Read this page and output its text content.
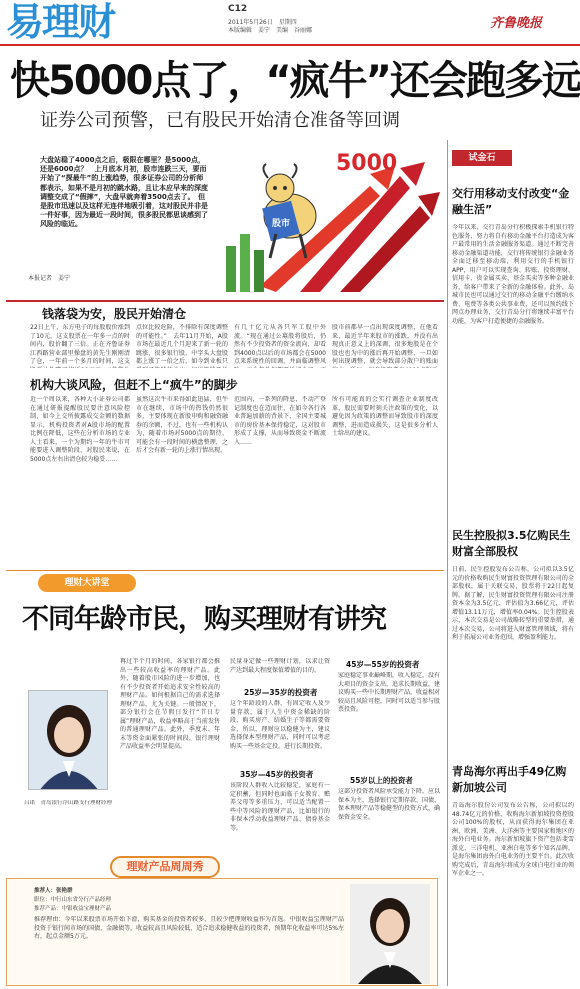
易理财	C12
2011年5月26日　星期四
本版编辑　姜宁　美编　谷丽娜	齐鲁晚报
快5000点了，“疯牛”还会跑多远
证券公司预警，已有股民开始清仓准备等回调
大盘站稳了4000点之后，极限在哪里？是5000点，还是6000点？　上月底本月初，股市连跌三天，要而开始了“探最牛”的上涨趋势，很多证券公司的分析师都表示，如果不是月初的跳水路，且让本应早来的深度调整交成了“假摔”，大盘早就奔着3500点去了。　但是股市迅速以及这样无连伴地吸引着，这对股民并非是一件好事，因为最近一段时间，很多股民都思谈感到了风险的临近。
本报记者　姜宁
股市
5000
钱落袋为安，股民开始清仓
22日上午，东方电子的每股股价涨到了10元，这支股票在一年多一点的时间内，股价翻了三倍。正在齐鲁证券江西路营业部里操盘的黄先生刚刚清了仓，一年前一个多月的时间，这支
点位比较危险，不排除有深度调整的可能性。”　去年11月开始，A股市场在最近几个月迎来了新一轮的跳涨，很多银行股，中字头大盘股都上涨了一倍之后，如今到业板只
有几十亿元从各只军工股中外流。“现在通过公募股将股后，仍然有不少投资者的资金流向，却看到4000点以后的市场都会在5000点来系统性的回调，并面临调整风
股市前都早一点出现深度调整，在他看来，最近半年来股市的涨跌，并没有出现真正意义上的深调，很多地股是在个股也也为中的涨后再开始调整，一旦如何出现调整，就会导致部分散户的账面
机构大谈风险，但赶不上“疯牛”的脚步
近一个周以来，各种大小证券公司都在通过研报提醒股民要注意风险控制，如今上交所披露成交金额的数据显示，机构投资者对A股市场的配置比例在降低，这些在分析市场的专业人士看来，一个为期约一年的牛市可能要进入调整阶段，对股民来说，在5000点左右出清仓较为稳妥……
虽然这次牛市来得如此迅猛，但牛市在继续，市场中的热钱仍然很多，主要体现在新股申购和融资融券的余额，不过，也有一些机构认为，随着市场对5000点的期待，可能会有一段时间的横盘整理，之后才会有新一轮的上涨行情出现。
范围内，一系列的降息，不动产登记制度也在迈而往，在如今各行各业普遍加薪的背景下，全国主要城市的房价基本保持稳定，这对股市形成了支撑，从而导致资金不断流入……
所有可能真的会实行调查企业制度改革，股民需要时刻关注政策的变化，以避免因为政策的调整而导致股市的深度调整，进而造成损失，这是很多分析人士给出的建议。
试金石
交行用移动支付改变“金融生活”
今年以来，交行青岛分行积极探索手机银行特色服务，努力将自有移动金融平台打造成为客户最常用的生活金融服务渠道。通过不断完善移动金融渠道功能，交行将传统银行金融业务全面迁移至移动端，利用交行的手机银行APP，用户可以实现查询、转账、投资理财、信用卡、贵金属买卖、基金买卖等多种金融业务，给客户带来了全新的金融体验。此外，岛城市民也可以通过交行的移动金融平台缴纳水费、电费等各类公共事业费，还可以预约线下网点办理业务，交行青岛分行将继续丰富平台功能，为客户打造便捷的金融服务。
民生控股拟3.5亿购民生财富全部股权
日前，民生控股发布公告称，公司拟以3.5亿元的价格收购民生财富投资管理有限公司的全部股权，属于关联交易，股票将于22日起复牌。据了解，民生财富投资管理有限公司注册资本金为3.5亿元，评估值为3.66亿元，评估增值13.11万元，增值率0.04%。民生控股表示，本次交易是公司战略转型的重要举措，通过本次交易，公司将进入财富管理领域，将有利于拓展公司业务范围，增强盈利能力。
青岛海尔再出手49亿购新加坡公司
青岛海尔股份公司发布公告称，公司拟以约48.74亿元的价格，收购海尔新加坡投资控股公司100%的股权，从而获得海尔集团在亚洲、欧洲、美洲、大洋洲等主要国家和地区的海外白电业务。海尔新加坡旗下资产包括斐雪派克、三洋电机、亚洲白电等多个知名品牌，是海尔集团海外白电业务的主要平台。此次收购完成后，青岛海尔将成为全球白电行业的领军企业之一。
理财大讲堂
不同年龄市民，购买理财有讲究
吕诺　青岛银行浮山路支行理财经理
再过半个月的时间，各家银行都会推出一些较高收益率的理财产品。此外，随着股市风险的进一步增加，也有不少投资者开始追求安全性较高的理财产品。如何根据自己的需求选择理财产品，尤为关键。一般情况下，部分银行会在节假日发行“节日专属”理财产品，收益率略高于当前发售的普通理财产品。此外，季度末、年末等资金面紧张的时间段，银行理财产品收益率会明显提高。
民量身定做一些理财计划，以求让资产达到最大程度保值增值的目的。
25岁—35岁的投资者
这个年龄段的人群，有固定收入及少量存款，属于人生中资金稀缺的阶段，购买房产、结婚生子等都需要资金，所以，理财应以稳健为主，建议选择保本型理财产品，同时可以考虑购买一些基金定投，进行长期投资。
35岁—45岁的投资者
该阶段人群收入比较稳定，家庭有一定积蓄，但同时也面临子女教育、赡养父母等多重压力，可以适当配置一些中等风险的理财产品，比如银行的非保本浮动收益理财产品、债券基金等。
45岁—55岁的投资者
家庭稳定事业巅峰期，收入稳定，没有大项目的资金支出，追求长期收益，建议购买一些中长期理财产品，收益相对较高且风险可控，同时可以适当参与股票投资。
55岁以上的投资者
这部分投资者风险承受能力下降，应以保本为主，选择银行定期存款、国债、保本理财产品等稳健型的投资方式，确保资金安全。
理财产品周周秀
推荐人：张艳群
职位：中行山东省分行产品经理
推荐产品：中银收益宝理财产品
推荐理由：今年以来股票市场开始下滑，购买基金的投资者较多，且较少把理财收益作为首选。中银收益宝理财产品投资于银行间市场的国债、金融债等，收益较高且风险较低，适合追求稳健收益的投资者，预期年化收益率可达5%左右，起点金额5万元。
